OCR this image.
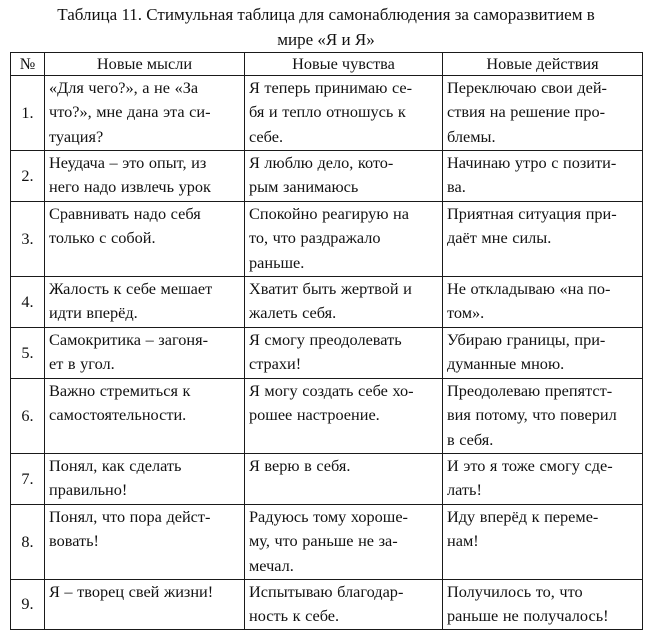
Таблица 11. Стимульная таблица для самонаблюдения за саморазвитием в
мире «Я и Я»
№	Новые мысли	Новые чувства	Новые действия
1.	«Для чего?», а не «За
что?», мне дана эта си-
туация?	Я теперь принимаю се-
бя и тепло отношусь к
себе.	Переключаю свои дей-
ствия на решение про-
блемы.

2.	Неудача – это опыт, из
него надо извлечь урок	Я люблю дело, кото-
рым занимаюсь	Начинаю утро с позити-
ва.

3.	Сравнивать надо себя
только с собой.	Спокойно реагирую на
то, что раздражало
раньше.	Приятная ситуация при-
даёт мне силы.

4.	Жалость к себе мешает
идти вперёд.	Хватит быть жертвой и
жалеть себя.	Не откладываю «на по-
том».

5.	Самокритика – загоня-
ет в угол.	Я смогу преодолевать
страхи!	Убираю границы, при-
думанные мною.

6.	Важно стремиться к
самостоятельности.	Я могу создать себе хо-
рошее настроение.	Преодолеваю препятст-
вия потому, что поверил
в себя.

7.	Понял, как сделать
правильно!	Я верю в себя.	И это я тоже смогу сде-
лать!

8.	Понял, что пора дейст-
вовать!	Радуюсь тому хороше-
му, что раньше не за-
мечал.	Иду вперёд к переме-
нам!

9.	Я – творец свей жизни!	Испытываю благодар-
ность к себе.	Получилось то, что
раньше не получалось!
